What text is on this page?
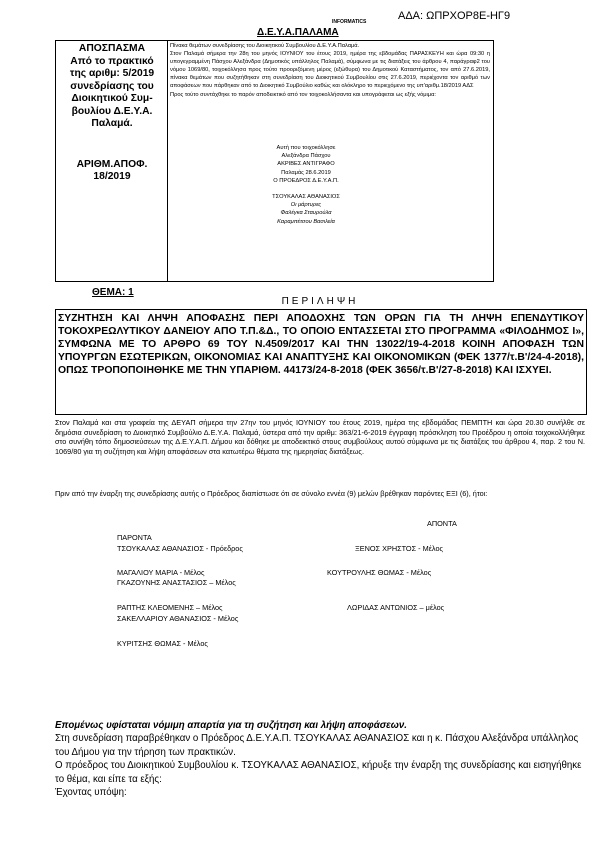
ΑΔΑ: ΩΠΡΧΟΡ8Ε-ΗΓ9
INFORMATICS
Δ.Ε.Υ.Α.ΠΑΛΑΜΑ
ΑΠΟΣΠΑΣΜΑ
Από το πρακτικό
της αριθμ: 5/2019
συνεδρίασης του
Διοικητικού Συμ-
βουλίου Δ.Ε.Υ.Α.
Παλαμά.
ΑΡΙΘΜ.ΑΠΟΦ.
18/2019
Πίνακα θεμάτων συνεδρίασης του Διοικητικού Συμβουλίου Δ.Ε.Υ.Α.Παλαμά.
Στον Παλαμά σήμερα την 28η του μηνός ΙΟΥΝΙΟΥ του έτους 2019, ημέρα της εβδομάδας ΠΑΡΑΣΚΕΥΗ και ώρα 09:30 η υπογεγραμμένη Πάσχου Αλεξάνδρα (Δημοτικός υπάλληλος Παλαμά), σύμφωνα με τις διατάξεις του άρθρου 4, παράγραφ2 του νόμου 1069/80, τοιχοκόλλησα προς τούτο προοριζόμενη μέρος (εξώθυρα) του Δημοτικού Καταστήματος, τον από 27.6.2019, πίνακα θεμάτων που συζητήθηκαν στη συνεδρίαση του Διοικητικού Συμβουλίου στις 27.6.2019, περιέχοντα τον αριθμό των αποφάσεων που πάρθηκαν από το Διοικητικό Συμβούλιο καθώς και ολόκληρο το περιεχόμενο της υπ'αριθμ.18/2019 ΑΔΣ
Προς τούτο συντάχθηκε το παρόν αποδεικτικό από τον τοιχοκολλήσαντα και υπογράφεται ως εξής νόμιμα:
Αυτή που τοιχοκόλλησε
Αλεξάνδρα Πάσχου
ΑΚΡΙΒΕΣ ΑΝΤΙΓΡΑΦΟ
Παλαμάς 28.6.2019
Ο ΠΡΟΕΔΡΟΣ Δ.Ε.Υ.Α.Π.
ΤΣΟΥΚΑΛΑΣ ΑΘΑΝΑΣΙΟΣ
Οι μάρτυρες
Φαλέγκα Σταυρούλα
Καραμπέτσου Βασιλεία
ΘΕΜΑ: 1
ΠΕΡΙΛΗΨΗ
ΣΥΖΗΤΗΣΗ ΚΑΙ ΛΗΨΗ ΑΠΟΦΑΣΗΣ ΠΕΡΙ ΑΠΟΔΟΧΗΣ ΤΩΝ ΟΡΩΝ ΓΙΑ ΤΗ ΛΗΨΗ ΕΠΕΝΔΥΤΙΚΟΥ ΤΟΚΟΧΡΕΩΛΥΤΙΚΟΥ ΔΑΝΕΙΟΥ ΑΠΟ Τ.Π.&Δ., ΤΟ ΟΠΟΙΟ ΕΝΤΑΣΣΕΤΑΙ ΣΤΟ ΠΡΟΓΡΑΜΜΑ «ΦΙΛΟΔΗΜΟΣ Ι», ΣΥΜΦΩΝΑ ΜΕ ΤΟ ΑΡΘΡΟ 69 ΤΟΥ Ν.4509/2017 ΚΑΙ ΤΗΝ 13022/19-4-2018 ΚΟΙΝΗ ΑΠΟΦΑΣΗ ΤΩΝ ΥΠΟΥΡΓΩΝ ΕΣΩΤΕΡΙΚΩΝ, ΟΙΚΟΝΟΜΙΑΣ ΚΑΙ ΑΝΑΠΤΥΞΗΣ ΚΑΙ ΟΙΚΟΝΟΜΙΚΩΝ (ΦΕΚ 1377/τ.Β'/24-4-2018), ΟΠΩΣ ΤΡΟΠΟΠΟΙΗΘΗΚΕ ΜΕ ΤΗΝ ΥΠΑΡΙΘΜ. 44173/24-8-2018 (ΦΕΚ 3656/τ.Β'/27-8-2018) ΚΑΙ ΙΣΧΥΕΙ.
Στον Παλαμά και στα γραφεία της ΔΕΥΑΠ σήμερα την 27ην του μηνός ΙΟΥΝΙΟΥ του έτους 2019, ημέρα της εβδομάδας ΠΕΜΠΤΗ και ώρα 20.30 συνήλθε σε δημόσια συνεδρίαση το Διοικητικό Συμβούλιο Δ.Ε.Υ.Α. Παλαμά, ύστερα από την αριθμ: 363/21-6-2019 έγγραφη πρόσκληση του Προέδρου η οποία τοιχοκολλήθηκε στο συνήθη τόπο δημοσιεύσεων της Δ.Ε.Υ.Α.Π. Δήμου και δόθηκε με αποδεικτικό στους συμβούλους αυτού σύμφωνα με τις διατάξεις του άρθρου 4, παρ. 2 του Ν. 1069/80 για τη συζήτηση και λήψη αποφάσεων στα κατωτέρω θέματα της ημερησίας διατάξεως.
Πριν από την έναρξη της συνεδρίασης αυτής ο Πρόεδρος διαπίστωσε ότι σε σύνολο εννέα (9) μελών βρέθηκαν παρόντες ΕΞΙ (6), ήτοι:
ΑΠΟΝΤΑ
ΠΑΡΟΝΤΑ
ΤΣΟΥΚΑΛΑΣ ΑΘΑΝΑΣΙΟΣ - Πρόεδρος
ΜΑΓΑΛΙΟΥ ΜΑΡΙΑ - Μέλος
ΓΚΑΖΟΥΝΗΣ ΑΝΑΣΤΑΣΙΟΣ – Μέλος
ΡΑΠΤΗΣ ΚΛΕΟΜΕΝΗΣ – Μέλος
ΣΑΚΕΛΛΑΡΙΟΥ ΑΘΑΝΑΣΙΟΣ - Μέλος
ΚΥΡΙΤΣΗΣ ΘΩΜΑΣ - Μέλος
ΞΕΝΟΣ ΧΡΗΣΤΟΣ - Μέλος
ΚΟΥΤΡΟΥΛΗΣ ΘΩΜΑΣ - Μέλος
ΛΩΡΙΔΑΣ ΑΝΤΩΝΙΟΣ – μέλος
Επομένως υφίσταται νόμιμη απαρτία για τη συζήτηση και λήψη αποφάσεων.
Στη συνεδρίαση παραβρέθηκαν ο Πρόεδρος Δ.Ε.Υ.Α.Π. ΤΣΟΥΚΑΛΑΣ ΑΘΑΝΑΣΙΟΣ και η κ. Πάσχου Αλεξάνδρα υπάλληλος του Δήμου για την τήρηση των πρακτικών.
Ο πρόεδρος του Διοικητικού Συμβουλίου κ. ΤΣΟΥΚΑΛΑΣ ΑΘΑΝΑΣΙΟΣ, κήρυξε την έναρξη της συνεδρίασης και εισηγήθηκε το θέμα, και είπε τα εξής:
Έχοντας υπόψη:
